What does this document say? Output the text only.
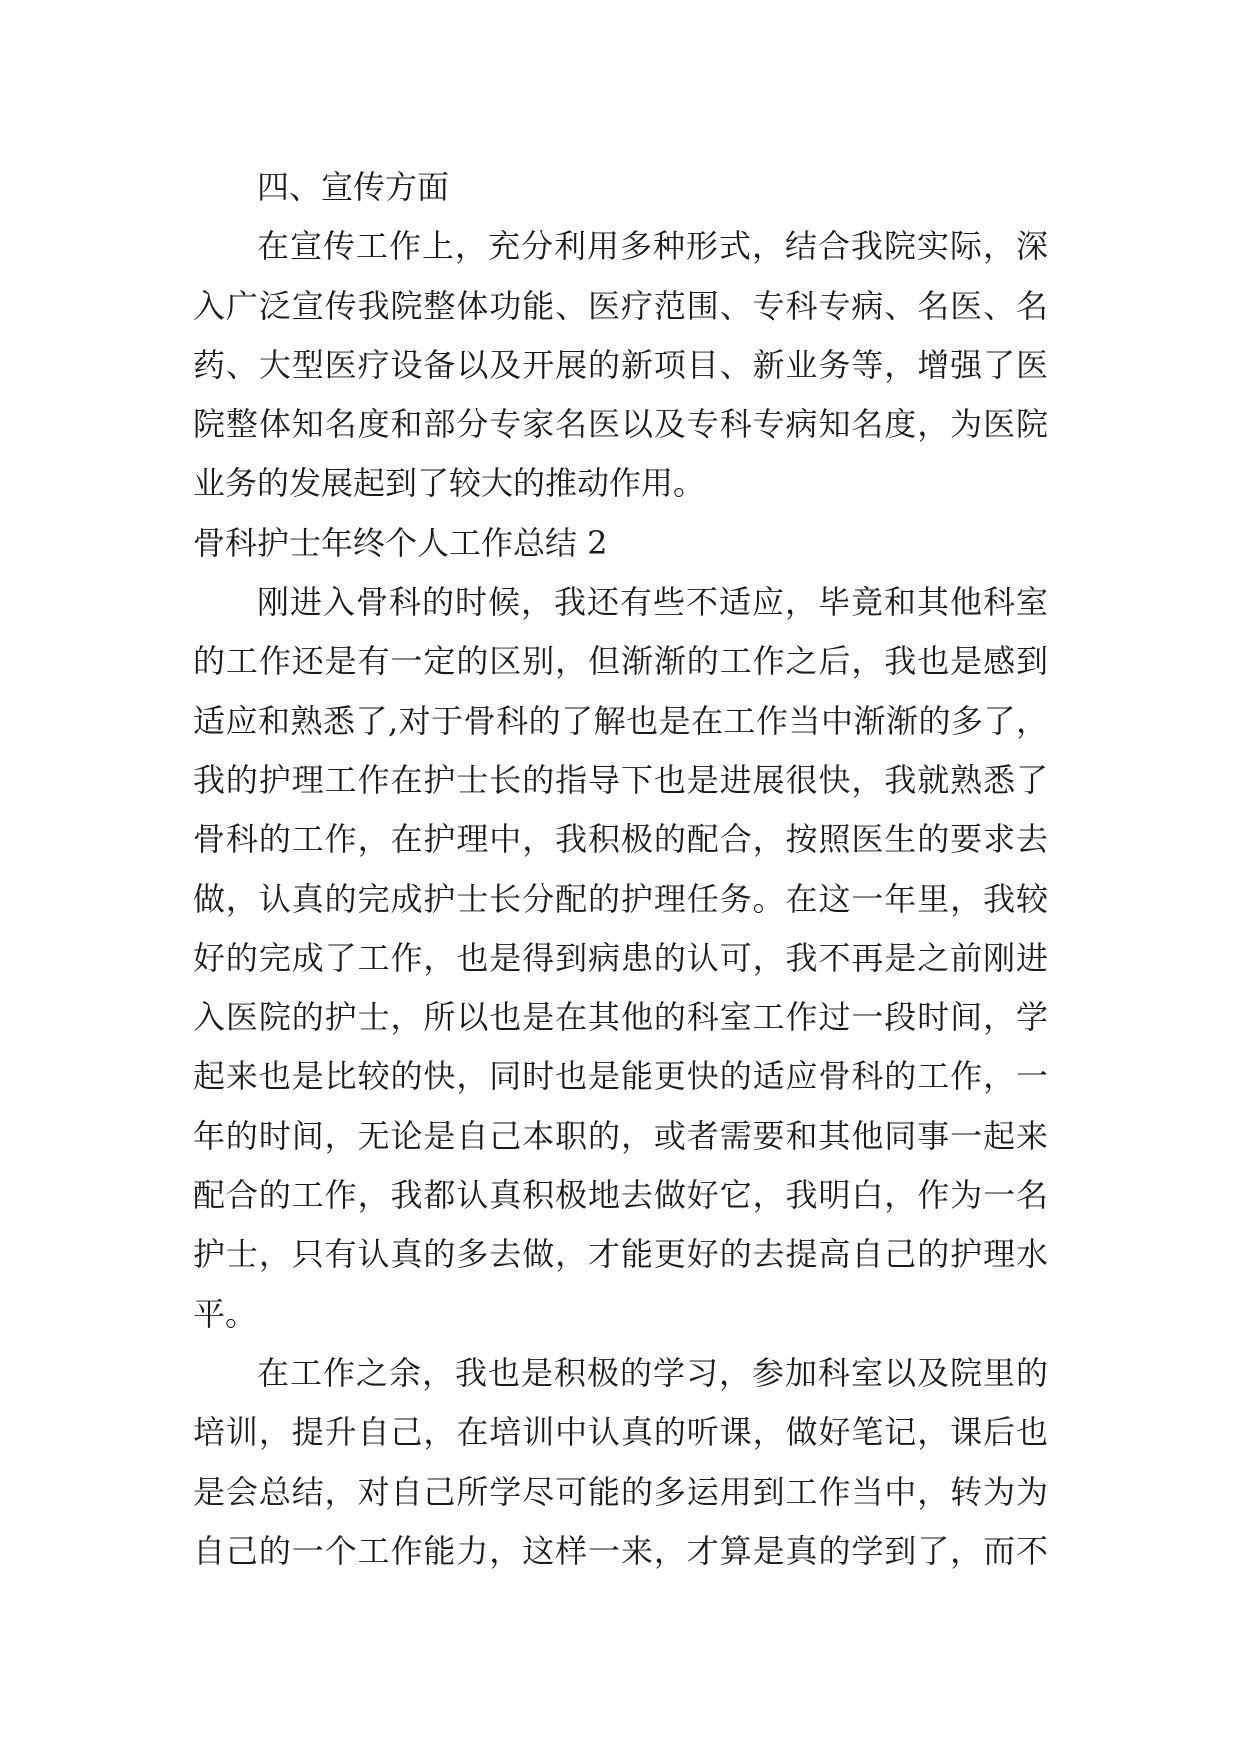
四、宣传方面
在宣传工作上，充分利用多种形式，结合我院实际，深
入广泛宣传我院整体功能、医疗范围、专科专病、名医、名
药、大型医疗设备以及开展的新项目、新业务等，增强了医
院整体知名度和部分专家名医以及专科专病知名度，为医院
业务的发展起到了较大的推动作用。
骨科护士年终个人工作总结 2
刚进入骨科的时候，我还有些不适应，毕竟和其他科室
的工作还是有一定的区别，但渐渐的工作之后，我也是感到
适应和熟悉了,对于骨科的了解也是在工作当中渐渐的多了，
我的护理工作在护士长的指导下也是进展很快，我就熟悉了
骨科的工作，在护理中，我积极的配合，按照医生的要求去
做，认真的完成护士长分配的护理任务。在这一年里，我较
好的完成了工作，也是得到病患的认可，我不再是之前刚进
入医院的护士，所以也是在其他的科室工作过一段时间，学
起来也是比较的快，同时也是能更快的适应骨科的工作，一
年的时间，无论是自己本职的，或者需要和其他同事一起来
配合的工作，我都认真积极地去做好它，我明白，作为一名
护士，只有认真的多去做，才能更好的去提高自己的护理水
平。
在工作之余，我也是积极的学习，参加科室以及院里的
培训，提升自己，在培训中认真的听课，做好笔记，课后也
是会总结，对自己所学尽可能的多运用到工作当中，转为为
自己的一个工作能力，这样一来，才算是真的学到了，而不
